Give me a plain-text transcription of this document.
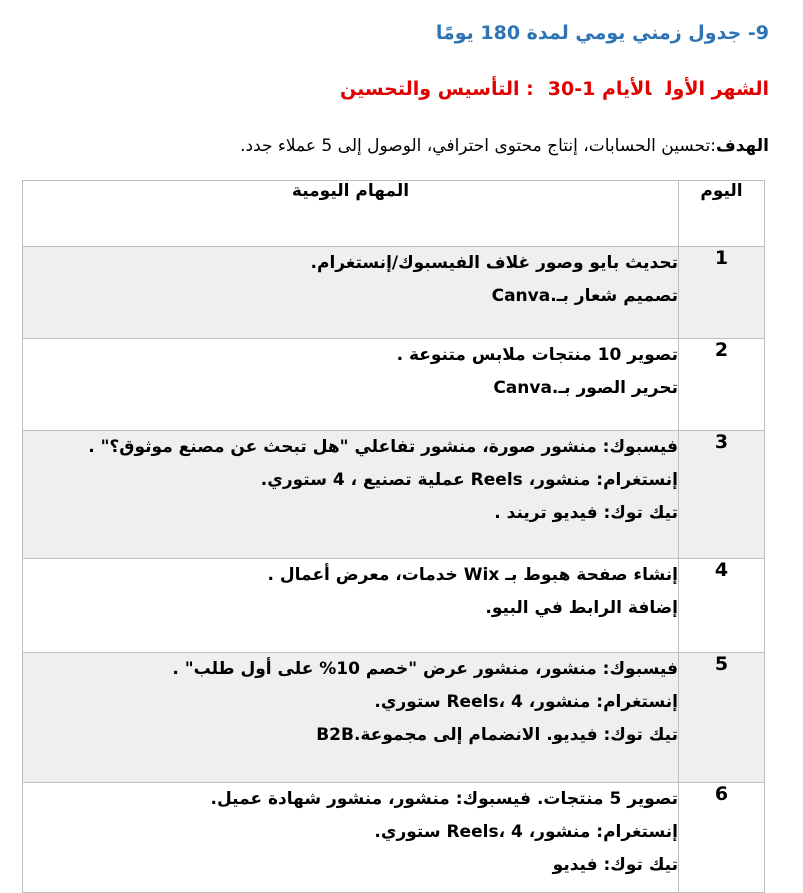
9- جدول زمني يومي لمدة 180 يومًا
الشهر الأولالأيام 1-30: التأسيس والتحسين
الهدف:تحسين الحسابات، إنتاج محتوى احترافي، الوصول إلى 5 عملاء جدد.
اليوم	المهام اليومية
1	تحديث بايو وصور غلاف الفيسبوك/إنستغرام.
تصميم شعار بـ.Canva

2	تصوير 10 منتجات ملابس متنوعة .
تحرير الصور بـ.Canva

3	فيسبوك: منشور صورة، منشور تفاعلي "هل تبحث عن مصنع موثوق؟" .
إنستغرام: منشور، Reels عملية تصنيع ، 4 ستوري.
تيك توك: فيديو تريند .

4	إنشاء صفحة هبوط بـ Wix خدمات، معرض أعمال .
إضافة الرابط في البيو.

5	فيسبوك: منشور، منشور عرض "خصم 10% على أول طلب" .
إنستغرام: منشور، Reels، 4 ستوري.
تيك توك: فيديو. الانضمام إلى مجموعة.B2B

6	تصوير 5 منتجات. فيسبوك: منشور، منشور شهادة عميل.
إنستغرام: منشور، Reels، 4 ستوري.
تيك توك: فيديو
